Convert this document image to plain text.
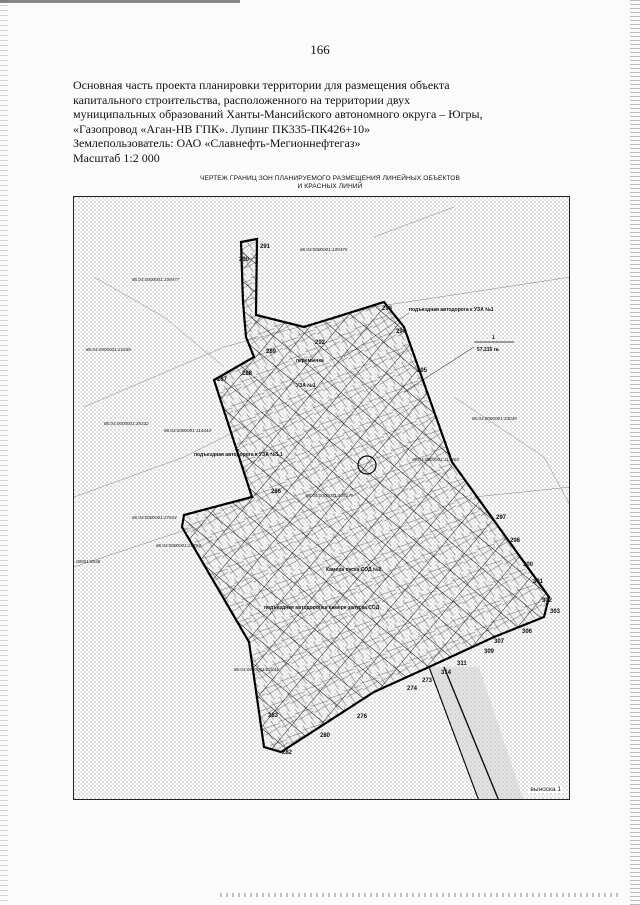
166
Основная часть проекта планировки территории для размещения объекта
капитального строительства, расположенного на территории двух
муниципальных образований Ханты-Мансийского автономного округа – Югры,
«Газопровод «Аган-НВ ГПК». Лупинг ПК335-ПК426+10»
Землепользователь: ОАО «Славнефть-Мегионнефтегаз»
Масштаб 1:2 000
ЧЕРТЕЖ ГРАНИЦ ЗОН ПЛАНИРУЕМОГО РАЗМЕЩЕНИЯ ЛИНЕЙНЫХ ОБЪЕКТОВ
И КРАСНЫХ ЛИНИЙ
1
57,215 га
подъездная автодорога к УЗА №1
перемычка
УЗА №1
подъездная автодорога к УЗА №1.1
Камера пуска СОД №2
подъездная автодорога к камере запуска СОД
86:04:0000001:109475
86:04:0000001:109477
86:04:0000001:21839
86:04:0000001:35332
86:04:0000001:114444
86:04:0000001:33049
86:04:0000001:114360
86:04:0000001:105179
86:04:0000001:27604
86:04:0000001:27493
00001:5036
86:04:0000001:21841
291
290
293
294
292
289
295
287
288
286
297
298
300
301
302
303
306
307
309
311
314
273
274
276
280
283
282
выноска 1
